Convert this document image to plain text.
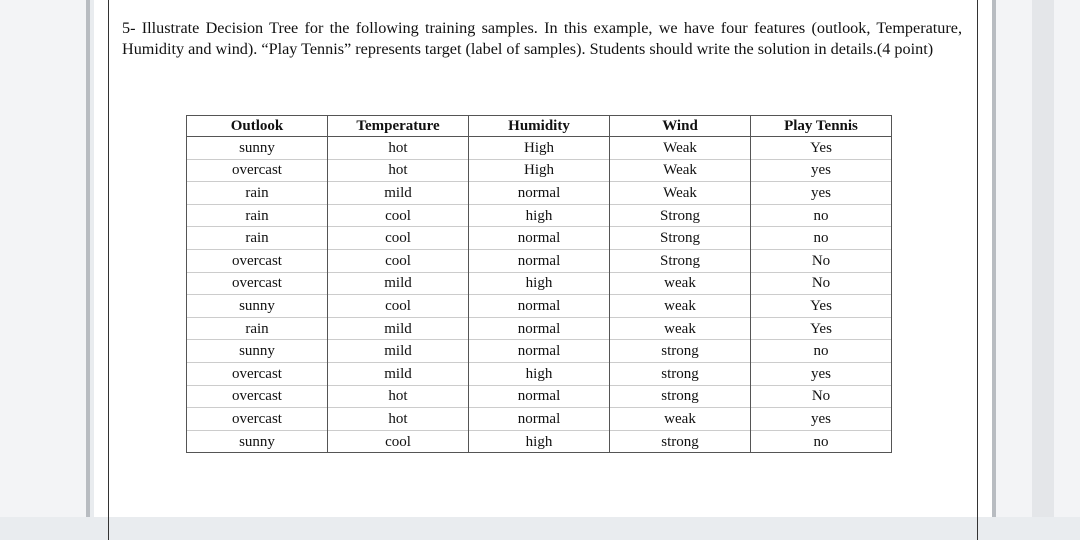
5- Illustrate Decision Tree for the following training samples. In this example, we have four features (outlook, Temperature, Humidity and wind). “Play Tennis” represents target (label of samples). Students should write the solution in details.(4 point)

Outlook	Temperature	Humidity	Wind	Play Tennis
sunny	hot	High	Weak	Yes
overcast	hot	High	Weak	yes
rain	mild	normal	Weak	yes
rain	cool	high	Strong	no
rain	cool	normal	Strong	no
overcast	cool	normal	Strong	No
overcast	mild	high	weak	No
sunny	cool	normal	weak	Yes
rain	mild	normal	weak	Yes
sunny	mild	normal	strong	no
overcast	mild	high	strong	yes
overcast	hot	normal	strong	No
overcast	hot	normal	weak	yes
sunny	cool	high	strong	no
